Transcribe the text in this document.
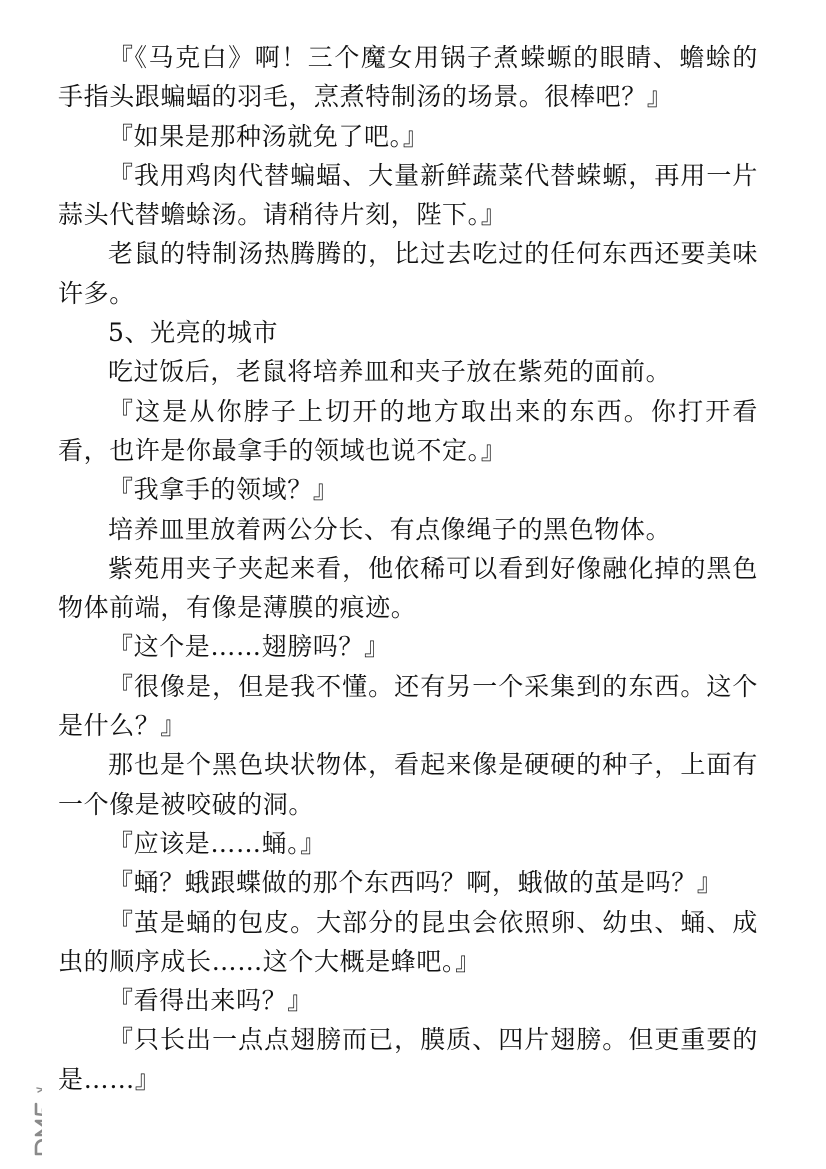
『《马克白》啊！三个魔女用锅子煮蝾螈的眼睛、蟾蜍的手指头跟蝙蝠的羽毛，烹煮特制汤的场景。很棒吧？』

『如果是那种汤就免了吧。』

『我用鸡肉代替蝙蝠、大量新鲜蔬菜代替蝾螈，再用一片蒜头代替蟾蜍汤。请稍待片刻，陛下。』

老鼠的特制汤热腾腾的，比过去吃过的任何东西还要美味许多。

5、光亮的城市

吃过饭后，老鼠将培养皿和夹子放在紫苑的面前。

『这是从你脖子上切开的地方取出来的东西。你打开看看，也许是你最拿手的领域也说不定。』

『我拿手的领域？』

培养皿里放着两公分长、有点像绳子的黑色物体。

紫苑用夹子夹起来看，他依稀可以看到好像融化掉的黑色物体前端，有像是薄膜的痕迹。

『这个是……翅膀吗？』

『很像是，但是我不懂。还有另一个采集到的东西。这个是什么？』

那也是个黑色块状物体，看起来像是硬硬的种子，上面有一个像是被咬破的洞。

『应该是……蛹。』

『蛹？蛾跟蝶做的那个东西吗？啊，蛾做的茧是吗？』

『茧是蛹的包皮。大部分的昆虫会依照卵、幼虫、蛹、成虫的顺序成长……这个大概是蜂吧。』

『看得出来吗？』

『只长出一点点翅膀而已，膜质、四片翅膀。但更重要的是……』
